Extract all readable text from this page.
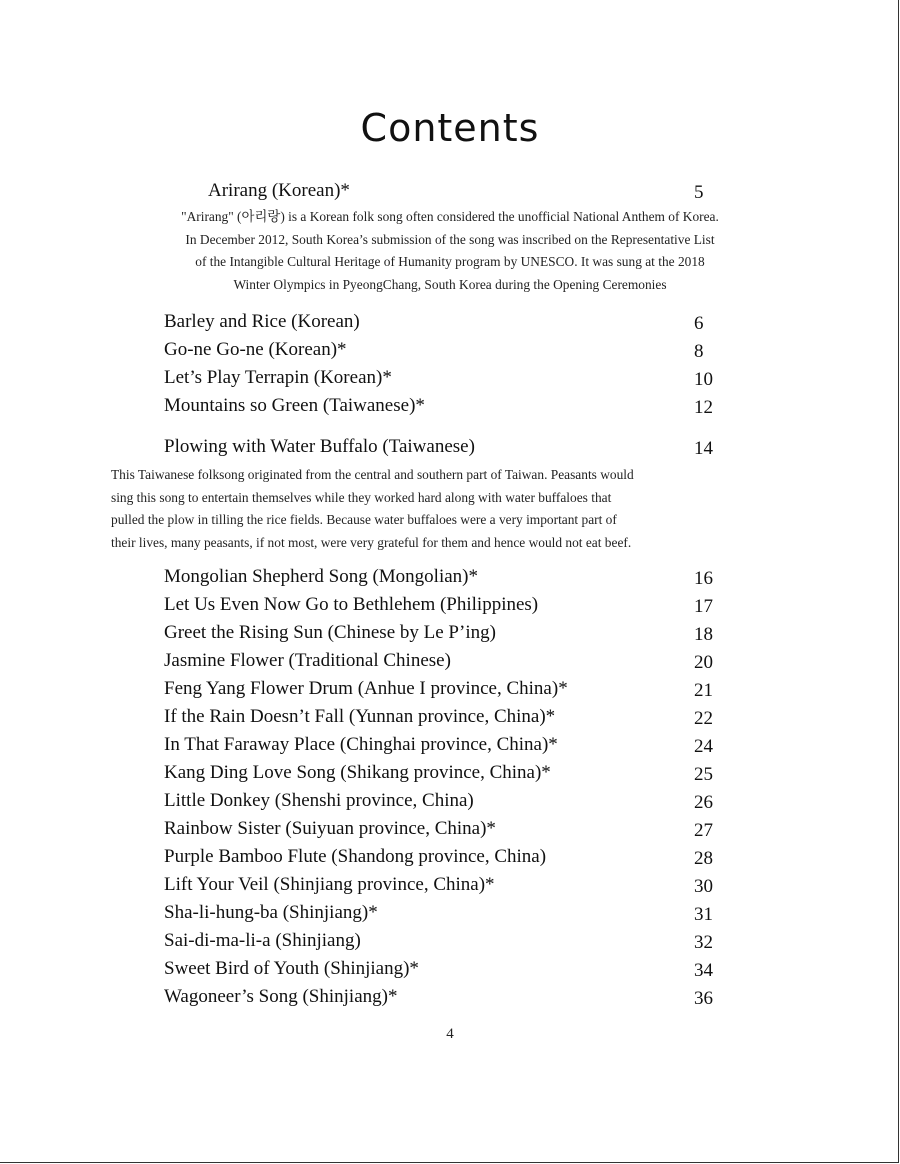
Contents
Arirang (Korean)*	5
"Arirang" (아리랑) is a Korean folk song often considered the unofficial National Anthem of Korea.
In December 2012, South Korea’s submission of the song was inscribed on the Representative List
of the Intangible Cultural Heritage of Humanity program by UNESCO. It was sung at the 2018
Winter Olympics in PyeongChang, South Korea during the Opening Ceremonies
Barley and Rice (Korean)	6
Go-ne Go-ne (Korean)*	8
Let’s Play Terrapin (Korean)*	10
Mountains so Green (Taiwanese)*	12
Plowing with Water Buffalo (Taiwanese)	14
This Taiwanese folksong originated from the central and southern part of Taiwan. Peasants would
sing this song to entertain themselves while they worked hard along with water buffaloes that
pulled the plow in tilling the rice fields. Because water buffaloes were a very important part of
their lives, many peasants, if not most, were very grateful for them and hence would not eat beef.
Mongolian Shepherd Song (Mongolian)*	16
Let Us Even Now Go to Bethlehem (Philippines)	17
Greet the Rising Sun (Chinese by Le P’ing)	18
Jasmine Flower (Traditional Chinese)	20
Feng Yang Flower Drum (Anhue I province, China)*	21
If the Rain Doesn’t Fall (Yunnan province, China)*	22
In That Faraway Place (Chinghai province, China)*	24
Kang Ding Love Song (Shikang province, China)*	25
Little Donkey (Shenshi province, China)	26
Rainbow Sister (Suiyuan province, China)*	27
Purple Bamboo Flute (Shandong province, China)	28
Lift Your Veil (Shinjiang province, China)*	30
Sha-li-hung-ba (Shinjiang)*	31
Sai-di-ma-li-a (Shinjiang)	32
Sweet Bird of Youth (Shinjiang)*	34
Wagoneer’s Song (Shinjiang)*	36
4
